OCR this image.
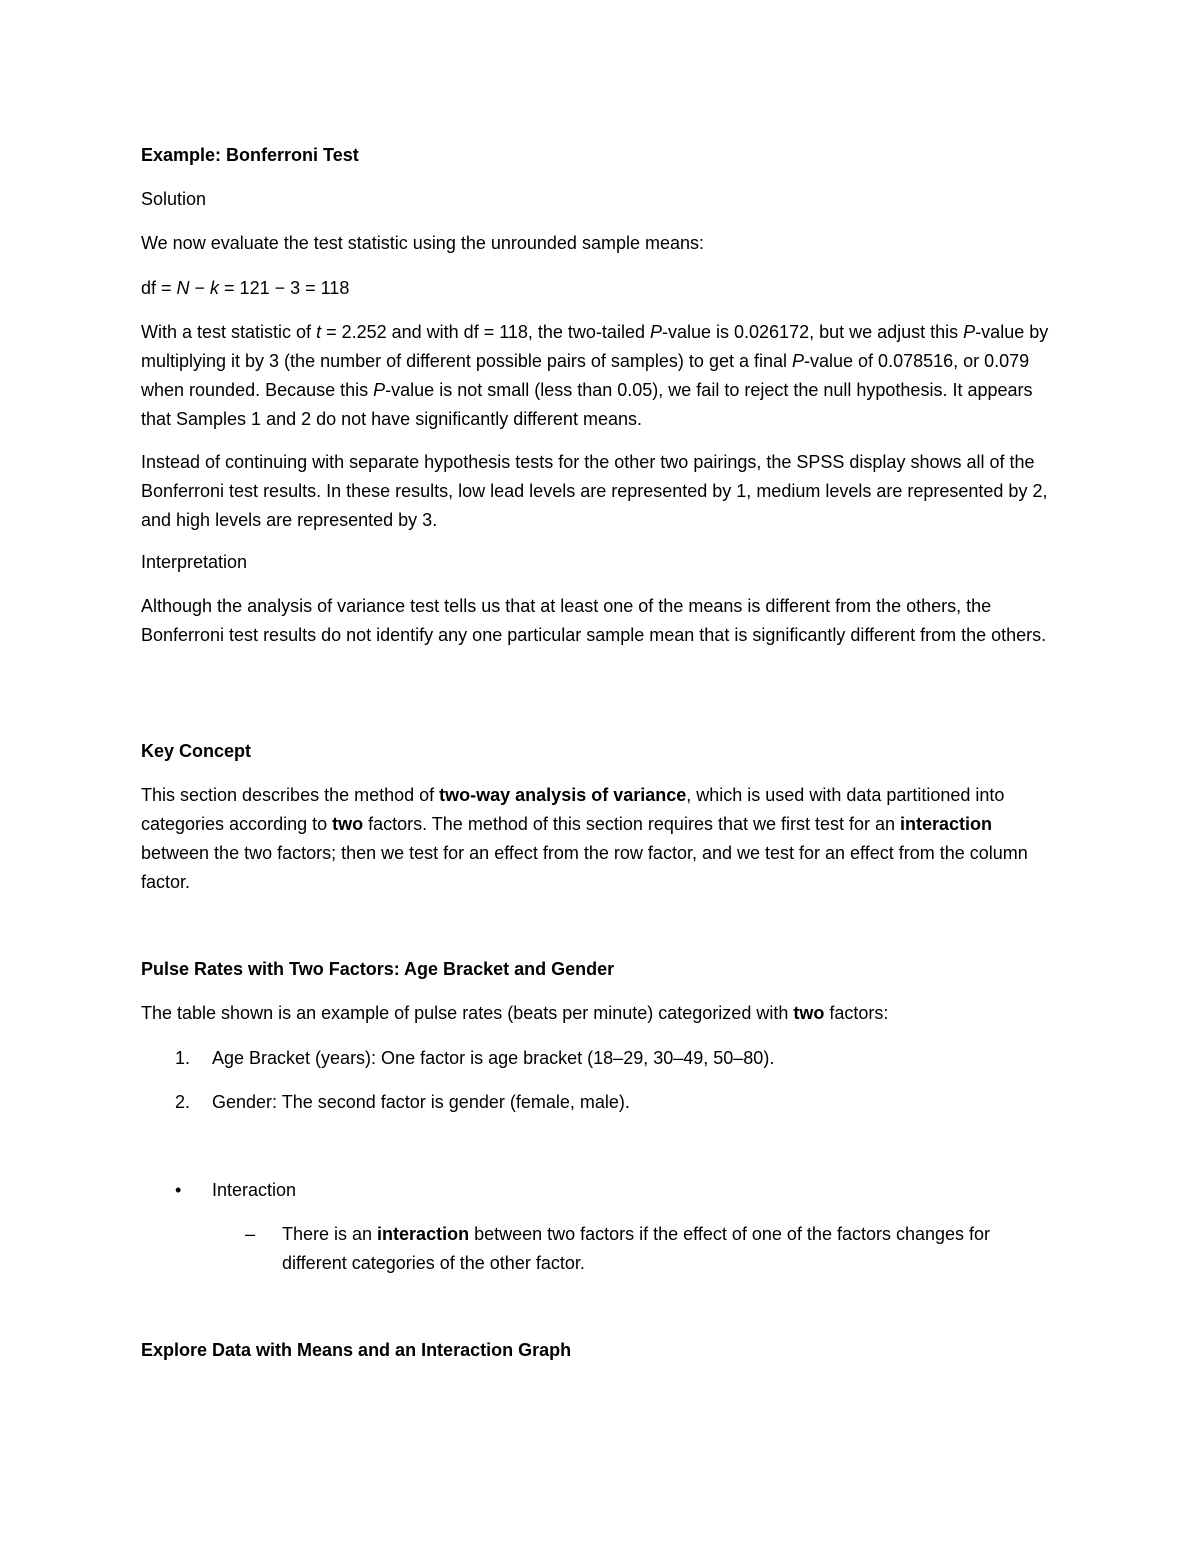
Example: Bonferroni Test

Solution

We now evaluate the test statistic using the unrounded sample means:

df = N − k = 121 − 3 = 118

With a test statistic of t = 2.252 and with df = 118, the two-tailed P-value is 0.026172, but we adjust this P-value by multiplying it by 3 (the number of different possible pairs of samples) to get a final P-value of 0.078516, or 0.079 when rounded. Because this P-value is not small (less than 0.05), we fail to reject the null hypothesis. It appears that Samples 1 and 2 do not have significantly different means.

Instead of continuing with separate hypothesis tests for the other two pairings, the SPSS display shows all of the Bonferroni test results. In these results, low lead levels are represented by 1, medium levels are represented by 2, and high levels are represented by 3.

Interpretation

Although the analysis of variance test tells us that at least one of the means is different from the others, the Bonferroni test results do not identify any one particular sample mean that is significantly different from the others.

Key Concept

This section describes the method of two-way analysis of variance, which is used with data partitioned into categories according to two factors. The method of this section requires that we first test for an interaction between the two factors; then we test for an effect from the row factor, and we test for an effect from the column factor.

Pulse Rates with Two Factors: Age Bracket and Gender

The table shown is an example of pulse rates (beats per minute) categorized with two factors:

1. Age Bracket (years): One factor is age bracket (18–29, 30–49, 50–80).
2. Gender: The second factor is gender (female, male).
• Interaction
– There is an interaction between two factors if the effect of one of the factors changes for different categories of the other factor.

Explore Data with Means and an Interaction Graph
